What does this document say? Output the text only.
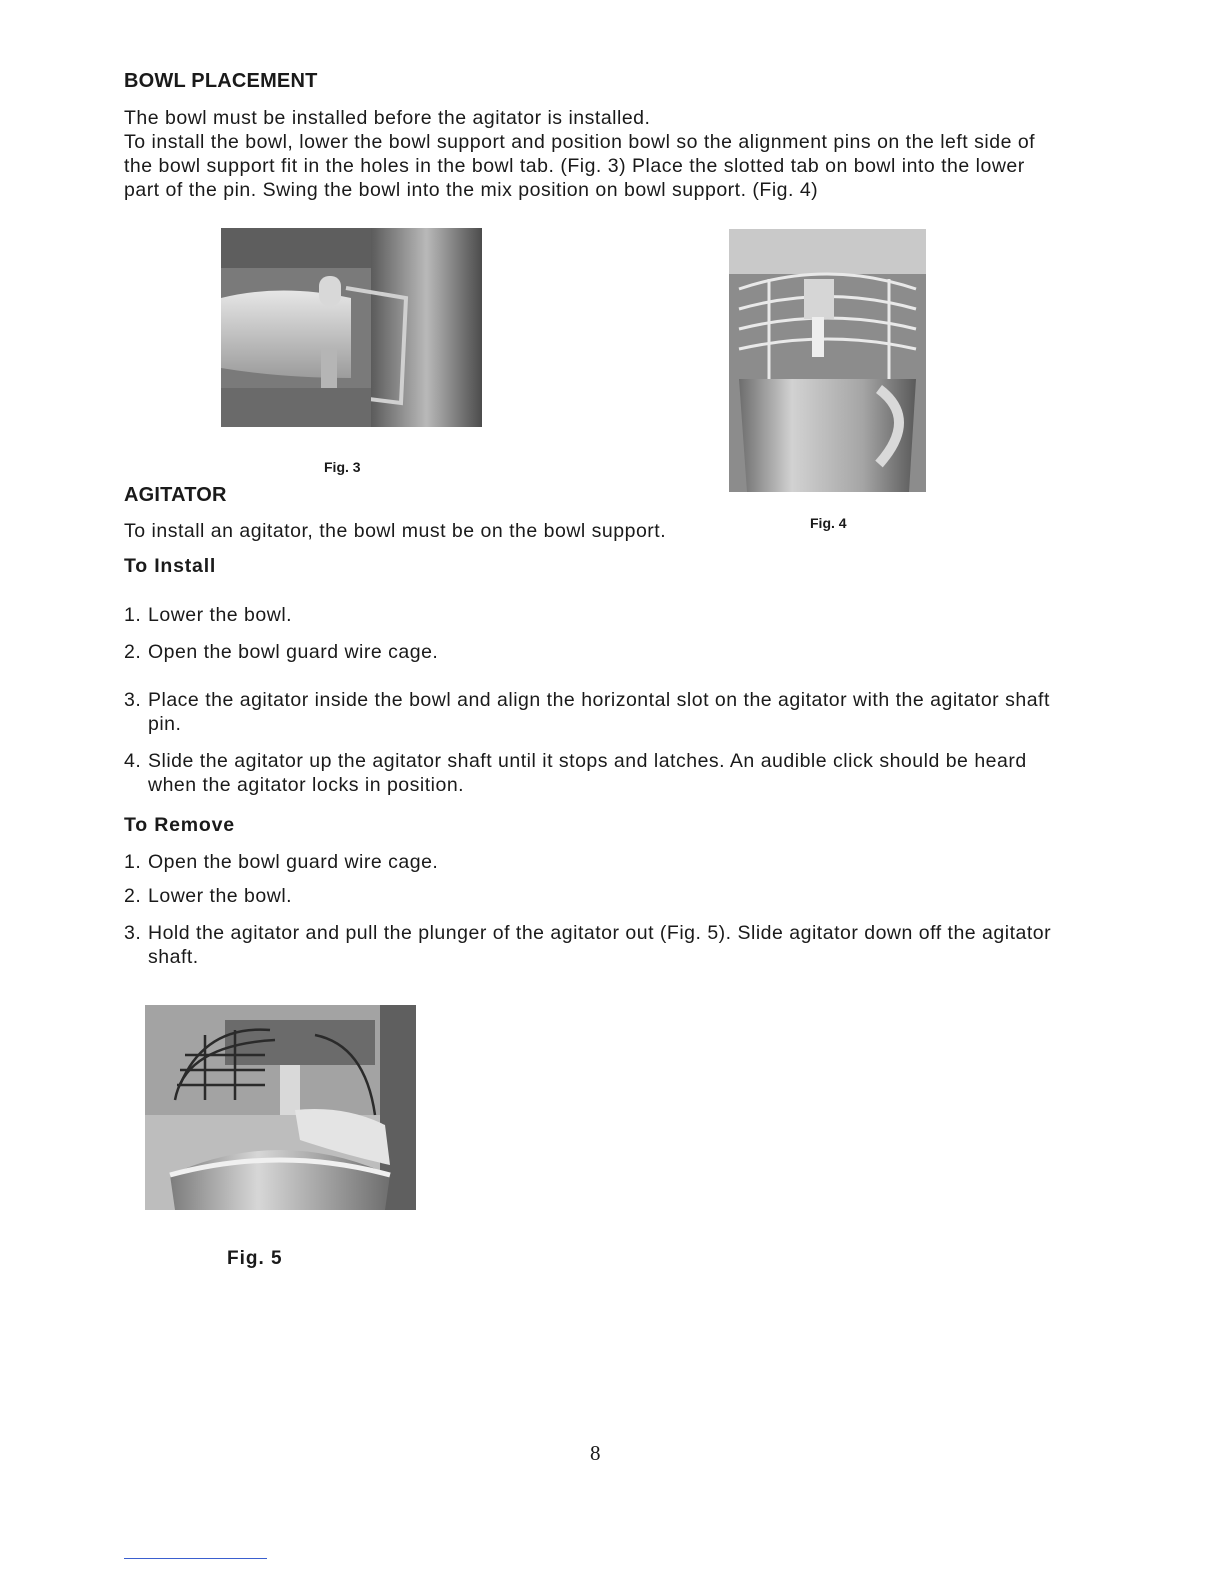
BOWL PLACEMENT
The bowl must be installed before the agitator is installed.
To install the bowl, lower the bowl support and position bowl so the alignment pins on the left side of the bowl support fit in the holes in the bowl tab. (Fig. 3) Place the slotted tab on bowl into the lower part of the pin. Swing the bowl into the mix position on bowl support. (Fig. 4)
Fig. 3
Fig. 4
AGITATOR
To install an agitator, the bowl must be on the bowl support.
To Install
1. Lower the bowl.
2. Open the bowl guard wire cage.
3. Place the agitator inside the bowl and align the horizontal slot on the agitator with the agitator shaft pin.
4. Slide the agitator up the agitator shaft until it stops and latches. An audible click should be heard when the agitator locks in position.
To Remove
1. Open the bowl guard wire cage.
2. Lower the bowl.
3. Hold the agitator and pull the plunger of the agitator out (Fig. 5). Slide agitator down off the agitator shaft.
Fig. 5
8
